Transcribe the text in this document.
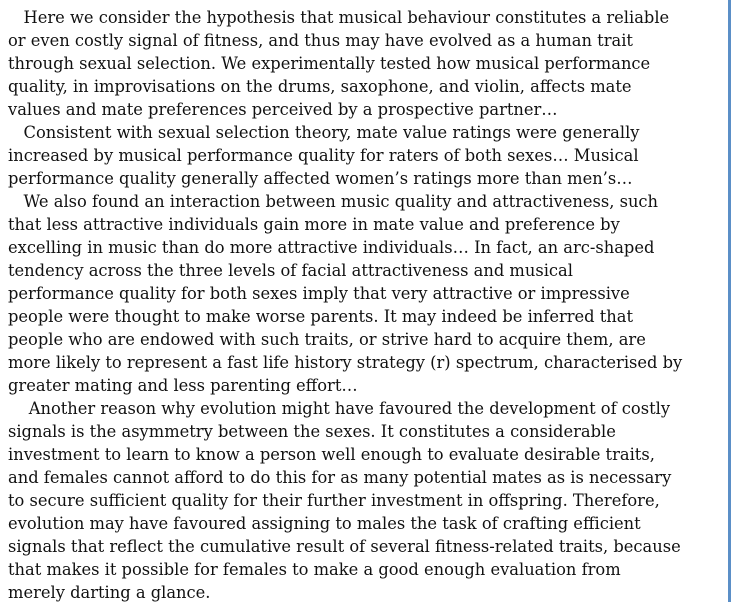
Here we consider the hypothesis that musical behaviour constitutes a reliable
or even costly signal of fitness, and thus may have evolved as a human trait
through sexual selection. We experimentally tested how musical performance
quality, in improvisations on the drums, saxophone, and violin, affects mate
values and mate preferences perceived by a prospective partner…
Consistent with sexual selection theory, mate value ratings were generally
increased by musical performance quality for raters of both sexes… Musical
performance quality generally affected women’s ratings more than men’s…
We also found an interaction between music quality and attractiveness, such
that less attractive individuals gain more in mate value and preference by
excelling in music than do more attractive individuals… In fact, an arc-shaped
tendency across the three levels of facial attractiveness and musical
performance quality for both sexes imply that very attractive or impressive
people were thought to make worse parents. It may indeed be inferred that
people who are endowed with such traits, or strive hard to acquire them, are
more likely to represent a fast life history strategy (r) spectrum, characterised by
greater mating and less parenting effort…
Another reason why evolution might have favoured the development of costly
signals is the asymmetry between the sexes. It constitutes a considerable
investment to learn to know a person well enough to evaluate desirable traits,
and females cannot afford to do this for as many potential mates as is necessary
to secure sufficient quality for their further investment in offspring. Therefore,
evolution may have favoured assigning to males the task of crafting efficient
signals that reflect the cumulative result of several fitness-related traits, because
that makes it possible for females to make a good enough evaluation from
merely darting a glance.
